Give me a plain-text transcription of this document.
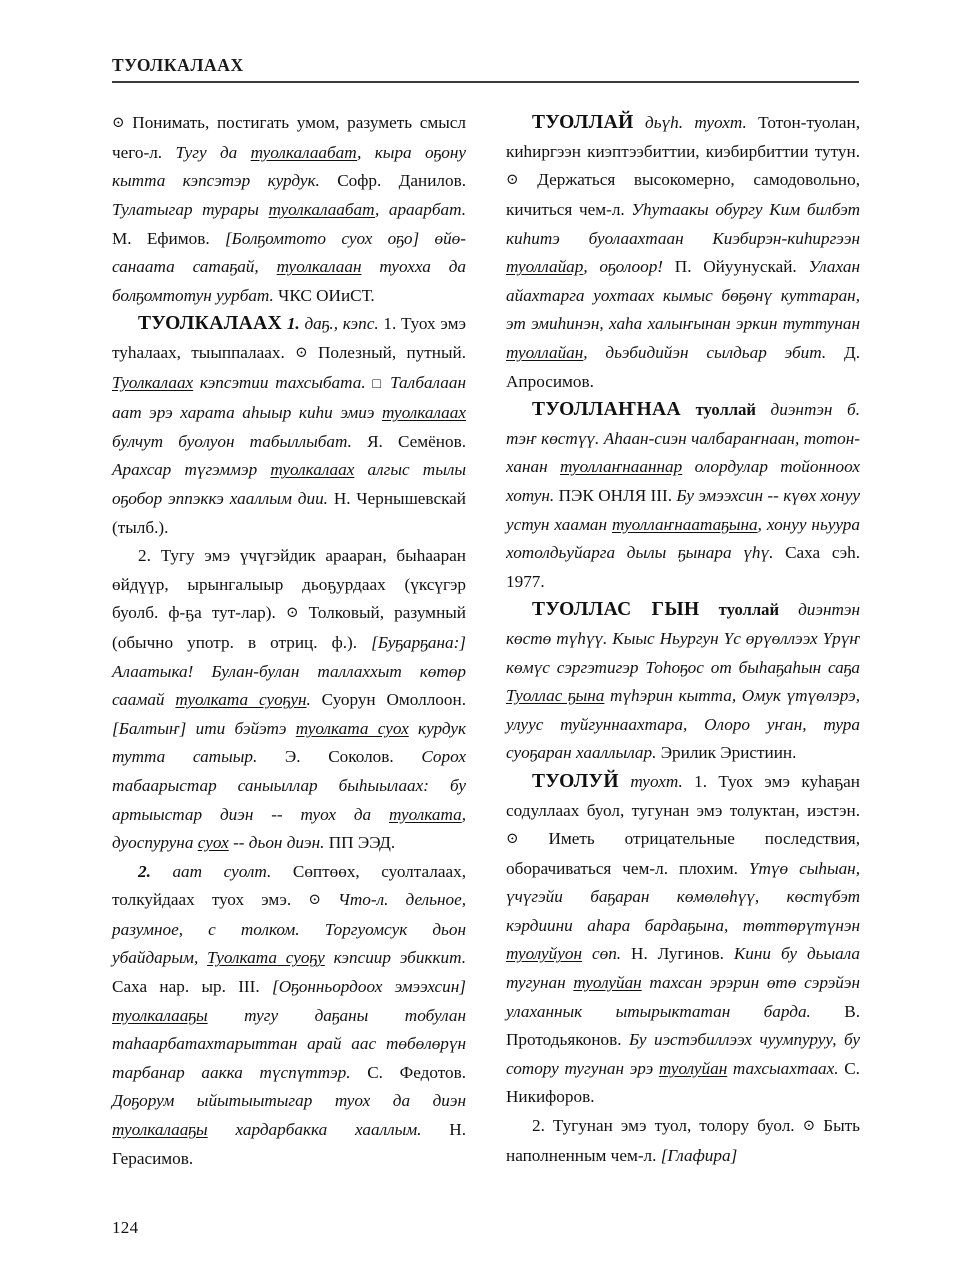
ТУОЛКАЛААХ

⊙ Понимать, постигать умом, разуметь смысл чего-л. Тугу да туолкалаабат, кыра оҕону кытта кэпсэтэр курдук. Софр. Данилов. Тулатыгар турары туолкалаабат, араарбат. М. Ефимов. [Болҕомтото суох оҕо] өйө-санаата сатаҕай, туолкалаан туохха да болҕомтотун уурбат. ЧКС ОИиСТ.

ТУОЛКАЛААХ 1. даҕ., кэпс. 1. Туох эмэ туһалаах, тыыппалаах. ⊙ Полезный, путный. Туолкалаах кэпсэтии тахсыбата. □ Талбалаан аат эрэ харата аһыыр киһи эмиэ туолкалаах булчут буолуон табыллыбат. Я. Семёнов. Арахсар түгэммэр туолкалаах алгыс тылы оҕобор эппэккэ хааллым дии. Н. Чернышевскай (тылб.).

2. Тугу эмэ үчүгэйдик арааран, быһааран өйдүүр, ырынгалыыр дьоҕурдаах (үксүгэр буолб. ф-ҕа тут-лар). ⊙ Толковый, разумный (обычно употр. в отриц. ф.). [Буҕарҕана:] Алаатыка! Булан-булан таллаххыт көтөр саамай туолката суоҕун. Суорун Омоллоон. [Балтыҥ] ити бэйэтэ туолката суох курдук тутта сатыыр. Э. Соколов. Сорох табаарыстар саныыллар быһыылаах: бу артыыстар диэн -- туох да туолката, дуоспуруна суох -- дьон диэн. ПП ЭЭД.

2. аат суолт. Сөптөөх, суолталаах, толкуйдаах туох эмэ. ⊙ Что-л. дельное, разумное, с толком. Торгуомсук дьон убайдарым, Туолката суоҕу кэпсиир эбиккит. Саха нар. ыр. III. [Оҕонньордоох эмээхсин] туолкалааҕы тугу даҕаны тобулан таһаарбатахтарыттан арай аас төбөлөрүн тарбанар аакка түспүттэр. С. Федотов. Доҕорум ыйытыытыгар туох да диэн туолкалааҕы хардарбакка хааллым. Н. Герасимов.

ТУОЛЛАЙ дьүһ. туохт. Тотон-туолан, киһиргээн киэптээбиттии, киэбирбиттии тутун. ⊙ Держаться высокомерно, самодовольно, кичиться чем-л. Уһутаакы обургу Ким билбэт киһитэ буолаахтаан Киэбирэн-киһиргээн туоллайар, оҕолоор! П. Ойуунускай. Улахан айахтарга уохтаах кымыс бөҕөнү куттаран, эт эмиһинэн, хаһа халыҥынан эркин туттунан туоллайан, дьэбидийэн сылдьар эбит. Д. Апросимов.

ТУОЛЛАҤНАА туоллай диэнтэн б. тэҥ көстүү. Аһаан-сиэн чалбараҥнаан, тотон-ханан туоллаҥнааннар олордулар тойонноох хотун. ПЭК ОНЛЯ III. Бу эмээхсин -- күөх хонуу устун хааман туоллаҥнаатаҕына, хонуу ньуура хотолдьуйарга дылы ҕынара үһү. Саха сэһ. 1977.

ТУОЛЛАС ГЫН туоллай диэнтэн көстө түһүү. Кыыс Ньургун Үс өрүөллээх Үрүҥ көмүс сэргэтигэр Тоһоҕос от быһаҕаһын саҕа Туоллас ҕына түһэрин кытта, Омук үтүөлэрэ, улуус туйгуннаахтара, Олоро уҥан, тура суоҕаран хааллылар. Эрилик Эристиин.

ТУОЛУЙ туохт. 1. Туох эмэ куһаҕан содуллаах буол, тугунан эмэ толуктан, иэстэн. ⊙ Иметь отрицательные последствия, оборачиваться чем-л. плохим. Үтүө сыһыан, үчүгэйи баҕаран көмөлөһүү, көстүбэт кэрдиини аһара бардаҕына, төттөрүтүнэн туолуйуон сөп. Н. Лугинов. Кини бу дьыала тугунан туолуйан тахсан эрэрин өтө сэрэйэн улаханнык ытырыктатан барда. В. Протодьяконов. Бу иэстэбиллээх чуумпуруу, бу сотору тугунан эрэ туолуйан тахсыахтаах. С. Никифоров.

2. Тугунан эмэ туол, толору буол. ⊙ Быть наполненным чем-л. [Глафира]

124
